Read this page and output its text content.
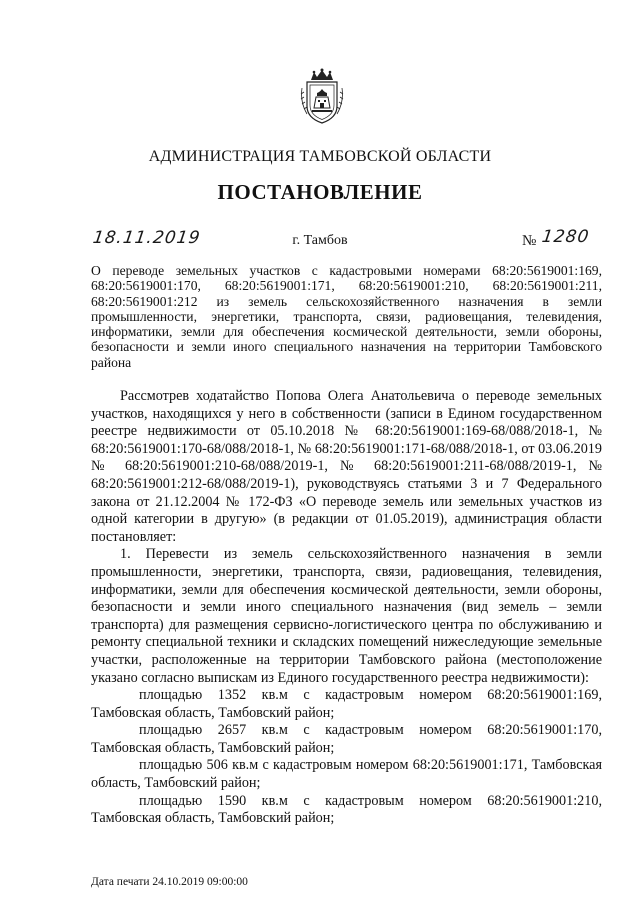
АДМИНИСТРАЦИЯ ТАМБОВСКОЙ ОБЛАСТИ
ПОСТАНОВЛЕНИЕ
18.11.2019	г. Тамбов	№ 1280
О переводе земельных участков с кадастровыми номерами 68:20:5619001:169, 68:20:5619001:170, 68:20:5619001:171, 68:20:5619001:210, 68:20:5619001:211, 68:20:5619001:212 из земель сельскохозяйственного назначения в земли промышленности, энергетики, транспорта, связи, радиовещания, телевидения, информатики, земли для обеспечения космической деятельности, земли обороны, безопасности и земли иного специального назначения на территории Тамбовского района

Рассмотрев ходатайство Попова Олега Анатольевича о переводе земельных участков, находящихся у него в собственности (записи в Едином государственном реестре недвижимости от 05.10.2018 № 68:20:5619001:169-68/088/2018-1, № 68:20:5619001:170-68/088/2018-1, № 68:20:5619001:171-68/088/2018-1, от 03.06.2019 № 68:20:5619001:210-68/088/2019-1, № 68:20:5619001:211-68/088/2019-1, № 68:20:5619001:212-68/088/2019-1), руководствуясь статьями 3 и 7 Федерального закона от 21.12.2004 № 172-ФЗ «О переводе земель или земельных участков из одной категории в другую» (в редакции от 01.05.2019), администрация области постановляет:

1. Перевести из земель сельскохозяйственного назначения в земли промышленности, энергетики, транспорта, связи, радиовещания, телевидения, информатики, земли для обеспечения космической деятельности, земли обороны, безопасности и земли иного специального назначения (вид земель – земли транспорта) для размещения сервисно-логистического центра по обслуживанию и ремонту специальной техники и складских помещений нижеследующие земельные участки, расположенные на территории Тамбовского района (местоположение указано согласно выпискам из Единого государственного реестра недвижимости):

площадью 1352 кв.м с кадастровым номером 68:20:5619001:169, Тамбовская область, Тамбовский район;

площадью 2657 кв.м с кадастровым номером 68:20:5619001:170, Тамбовская область, Тамбовский район;

площадью 506 кв.м с кадастровым номером 68:20:5619001:171, Тамбовская область, Тамбовский район;

площадью 1590 кв.м с кадастровым номером 68:20:5619001:210, Тамбовская область, Тамбовский район;

Дата печати 24.10.2019 09:00:00
